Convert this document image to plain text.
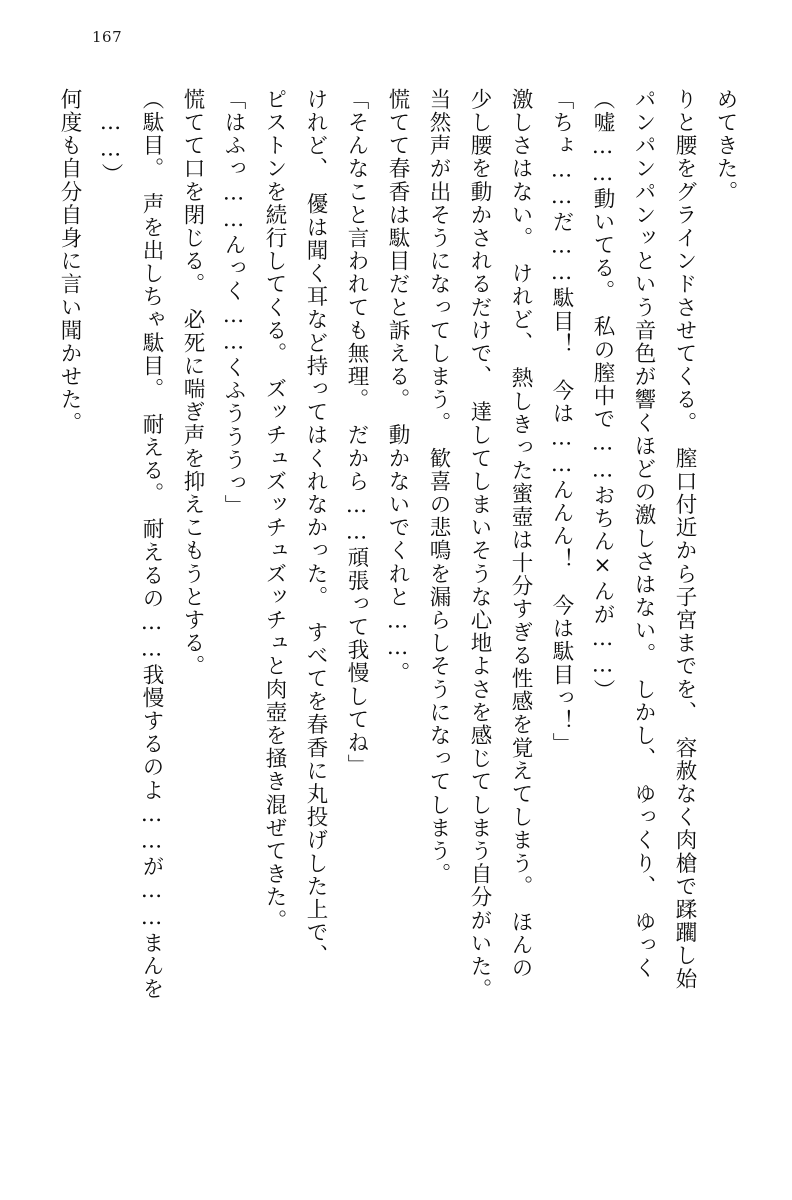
167
めてきた。
りと腰をグラインドさせてくる。　膣口付近から子宮までを、　容赦なく肉槍で蹂躙し始
パンパンパンッという音色が響くほどの激しさはない。　しかし、　ゆっくり、　ゆっく
（嘘……動いてる。　私の膣中で……おちん×んが……）
「ちょ……だ……駄目！　今は……んんん！　今は駄目っ！」
激しさはない。　けれど、　熱しきった蜜壺は十分すぎる性感を覚えてしまう。　ほんの
少し腰を動かされるだけで、　達してしまいそうな心地よさを感じてしまう自分がいた。
当然声が出そうになってしまう。　歓喜の悲鳴を漏らしそうになってしまう。
慌てて春香は駄目だと訴える。　動かないでくれと……。
「そんなこと言われても無理。　だから……頑張って我慢してね」
けれど、　優は聞く耳など持ってはくれなかった。　すべてを春香に丸投げした上で、
ピストンを続行してくる。　ズッチュズッチュズッチュと肉壺を掻き混ぜてきた。
「はふっ……んっく……くふうううっ」
慌てて口を閉じる。　必死に喘ぎ声を抑えこもうとする。
（駄目。　声を出しちゃ駄目。　耐える。　耐えるの……我慢するのよ……が……まんを
……）
何度も自分自身に言い聞かせた。
